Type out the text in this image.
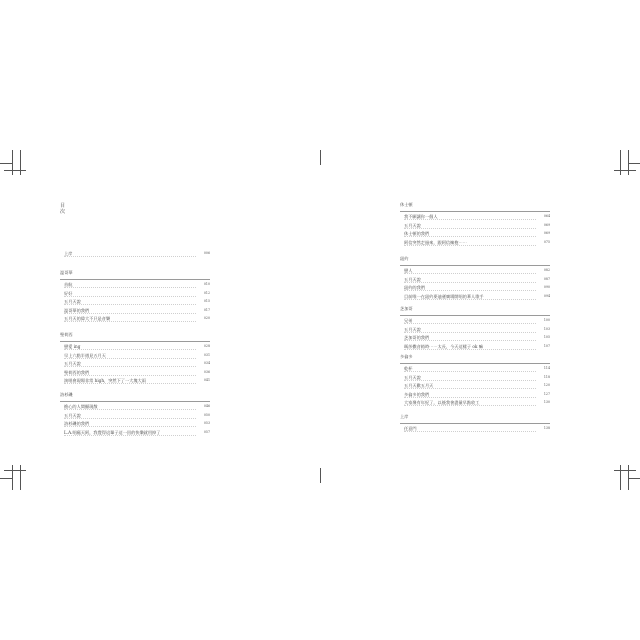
目次
上岸	006
溫哥華
首航	010
好好	012
五月天說	015
溫哥華的我們	017
五月天的偉大不只是音樂	020
聖荷西
戀愛 ing	028
早上六點半遇見五月天	031
五月天說	034
聖荷西的我們	036
演唱會現場非常 high，突然下了一大塊大雨	041
洛杉磯
擔心的人間顯現散	046
五月天說	050
洛杉磯的我們	053
L.A.唱瘋天阿，我覺得這輩子這一回的快樂就用掉了	057
休士頓
我不願讓你一個人	064
五月天說	069
休士頓的我們	069
阿信突然走過來，跟阿信擁抱⋯⋯	075
紐約
戀人	082
五月天說	087
紐約的我們	090
目前唯一在紐約麥迪遜廣場開唱的華人歌手	094
芝加哥
兄弟	100
五月天說	103
芝加哥的我們	105
瑪莎撒音箱時⋯⋯太長，今天這樣子 ok 嘛	107
多倫多
乾杯	114
五月天說	118
五月天歡五月天	120
多倫多的我們	127
大家聚有年紀了，以後我會盡量早點收工	130
上岸
任意門	138
